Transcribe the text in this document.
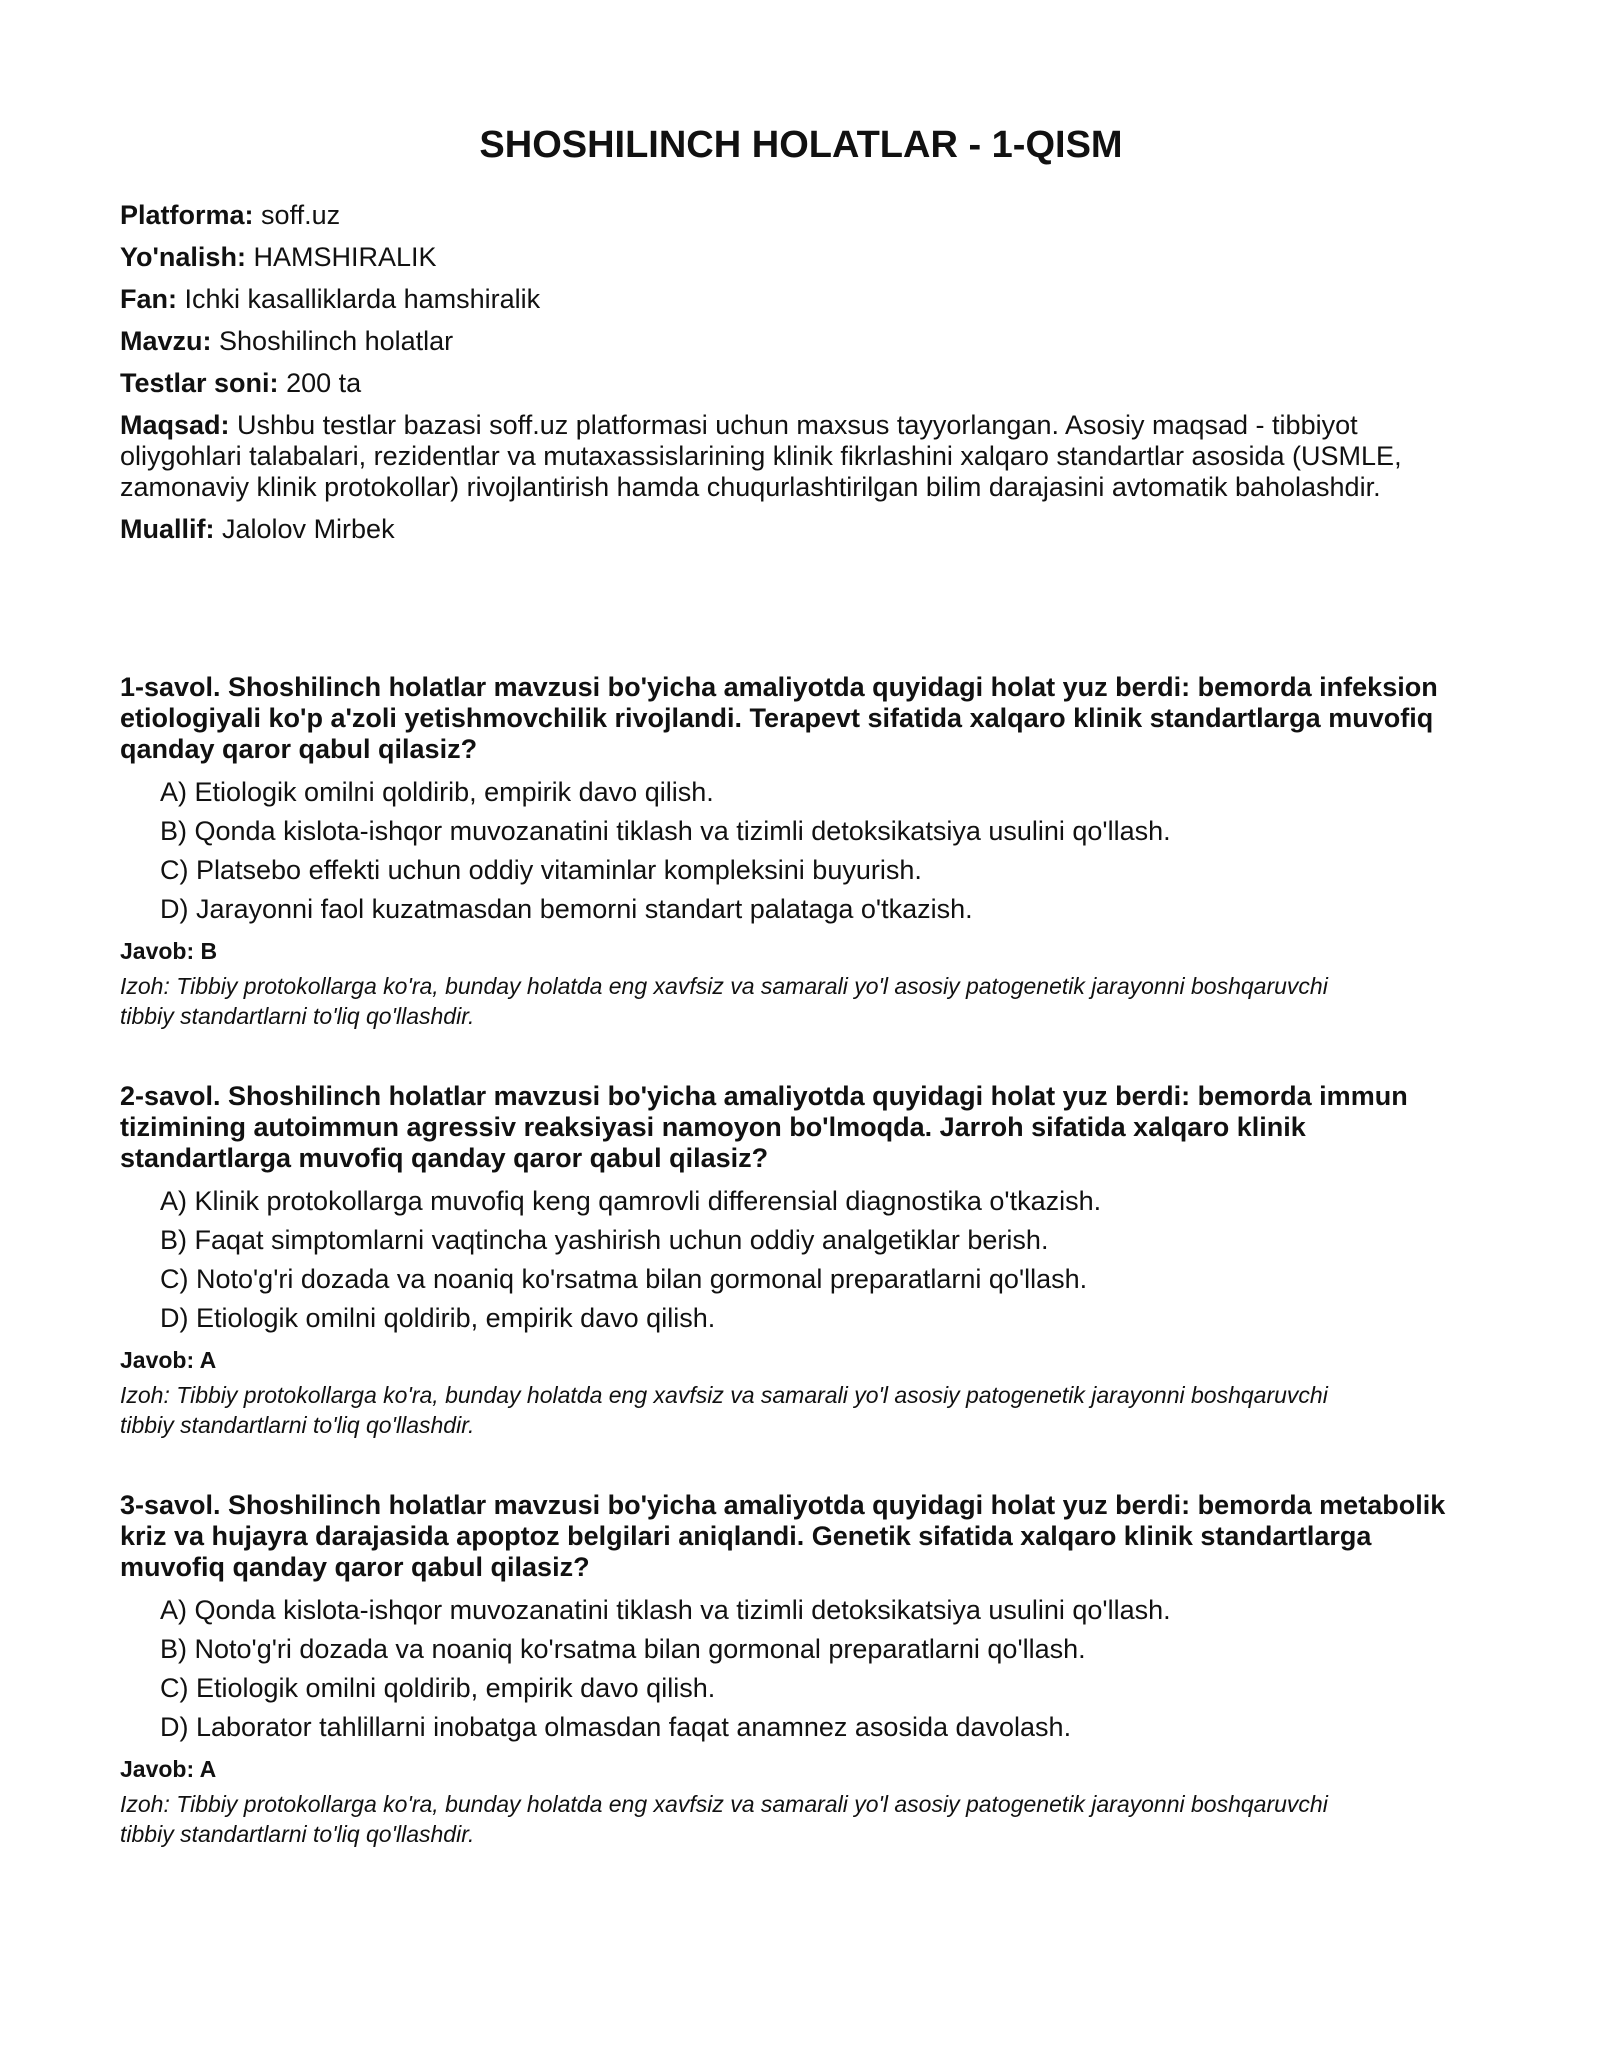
SHOSHILINCH HOLATLAR - 1-QISM

Platforma: soff.uz

Yo'nalish: HAMSHIRALIK

Fan: Ichki kasalliklarda hamshiralik

Mavzu: Shoshilinch holatlar

Testlar soni: 200 ta

Maqsad: Ushbu testlar bazasi soff.uz platformasi uchun maxsus tayyorlangan. Asosiy maqsad - tibbiyot oliygohlari talabalari, rezidentlar va mutaxassislarining klinik fikrlashini xalqaro standartlar asosida (USMLE, zamonaviy klinik protokollar) rivojlantirish hamda chuqurlashtirilgan bilim darajasini avtomatik baholashdir.

Muallif: Jalolov Mirbek

1-savol. Shoshilinch holatlar mavzusi bo'yicha amaliyotda quyidagi holat yuz berdi: bemorda infeksion etiologiyali ko'p a'zoli yetishmovchilik rivojlandi. Terapevt sifatida xalqaro klinik standartlarga muvofiq qanday qaror qabul qilasiz?

A) Etiologik omilni qoldirib, empirik davo qilish.
B) Qonda kislota-ishqor muvozanatini tiklash va tizimli detoksikatsiya usulini qo'llash.
C) Platsebo effekti uchun oddiy vitaminlar kompleksini buyurish.
D) Jarayonni faol kuzatmasdan bemorni standart palataga o'tkazish.

Javob: B

Izoh: Tibbiy protokollarga ko'ra, bunday holatda eng xavfsiz va samarali yo'l asosiy patogenetik jarayonni boshqaruvchi tibbiy standartlarni to'liq qo'llashdir.

2-savol. Shoshilinch holatlar mavzusi bo'yicha amaliyotda quyidagi holat yuz berdi: bemorda immun tizimining autoimmun agressiv reaksiyasi namoyon bo'lmoqda. Jarroh sifatida xalqaro klinik standartlarga muvofiq qanday qaror qabul qilasiz?

A) Klinik protokollarga muvofiq keng qamrovli differensial diagnostika o'tkazish.
B) Faqat simptomlarni vaqtincha yashirish uchun oddiy analgetiklar berish.
C) Noto'g'ri dozada va noaniq ko'rsatma bilan gormonal preparatlarni qo'llash.
D) Etiologik omilni qoldirib, empirik davo qilish.

Javob: A

Izoh: Tibbiy protokollarga ko'ra, bunday holatda eng xavfsiz va samarali yo'l asosiy patogenetik jarayonni boshqaruvchi tibbiy standartlarni to'liq qo'llashdir.

3-savol. Shoshilinch holatlar mavzusi bo'yicha amaliyotda quyidagi holat yuz berdi: bemorda metabolik kriz va hujayra darajasida apoptoz belgilari aniqlandi. Genetik sifatida xalqaro klinik standartlarga muvofiq qanday qaror qabul qilasiz?

A) Qonda kislota-ishqor muvozanatini tiklash va tizimli detoksikatsiya usulini qo'llash.
B) Noto'g'ri dozada va noaniq ko'rsatma bilan gormonal preparatlarni qo'llash.
C) Etiologik omilni qoldirib, empirik davo qilish.
D) Laborator tahlillarni inobatga olmasdan faqat anamnez asosida davolash.

Javob: A

Izoh: Tibbiy protokollarga ko'ra, bunday holatda eng xavfsiz va samarali yo'l asosiy patogenetik jarayonni boshqaruvchi tibbiy standartlarni to'liq qo'llashdir.
